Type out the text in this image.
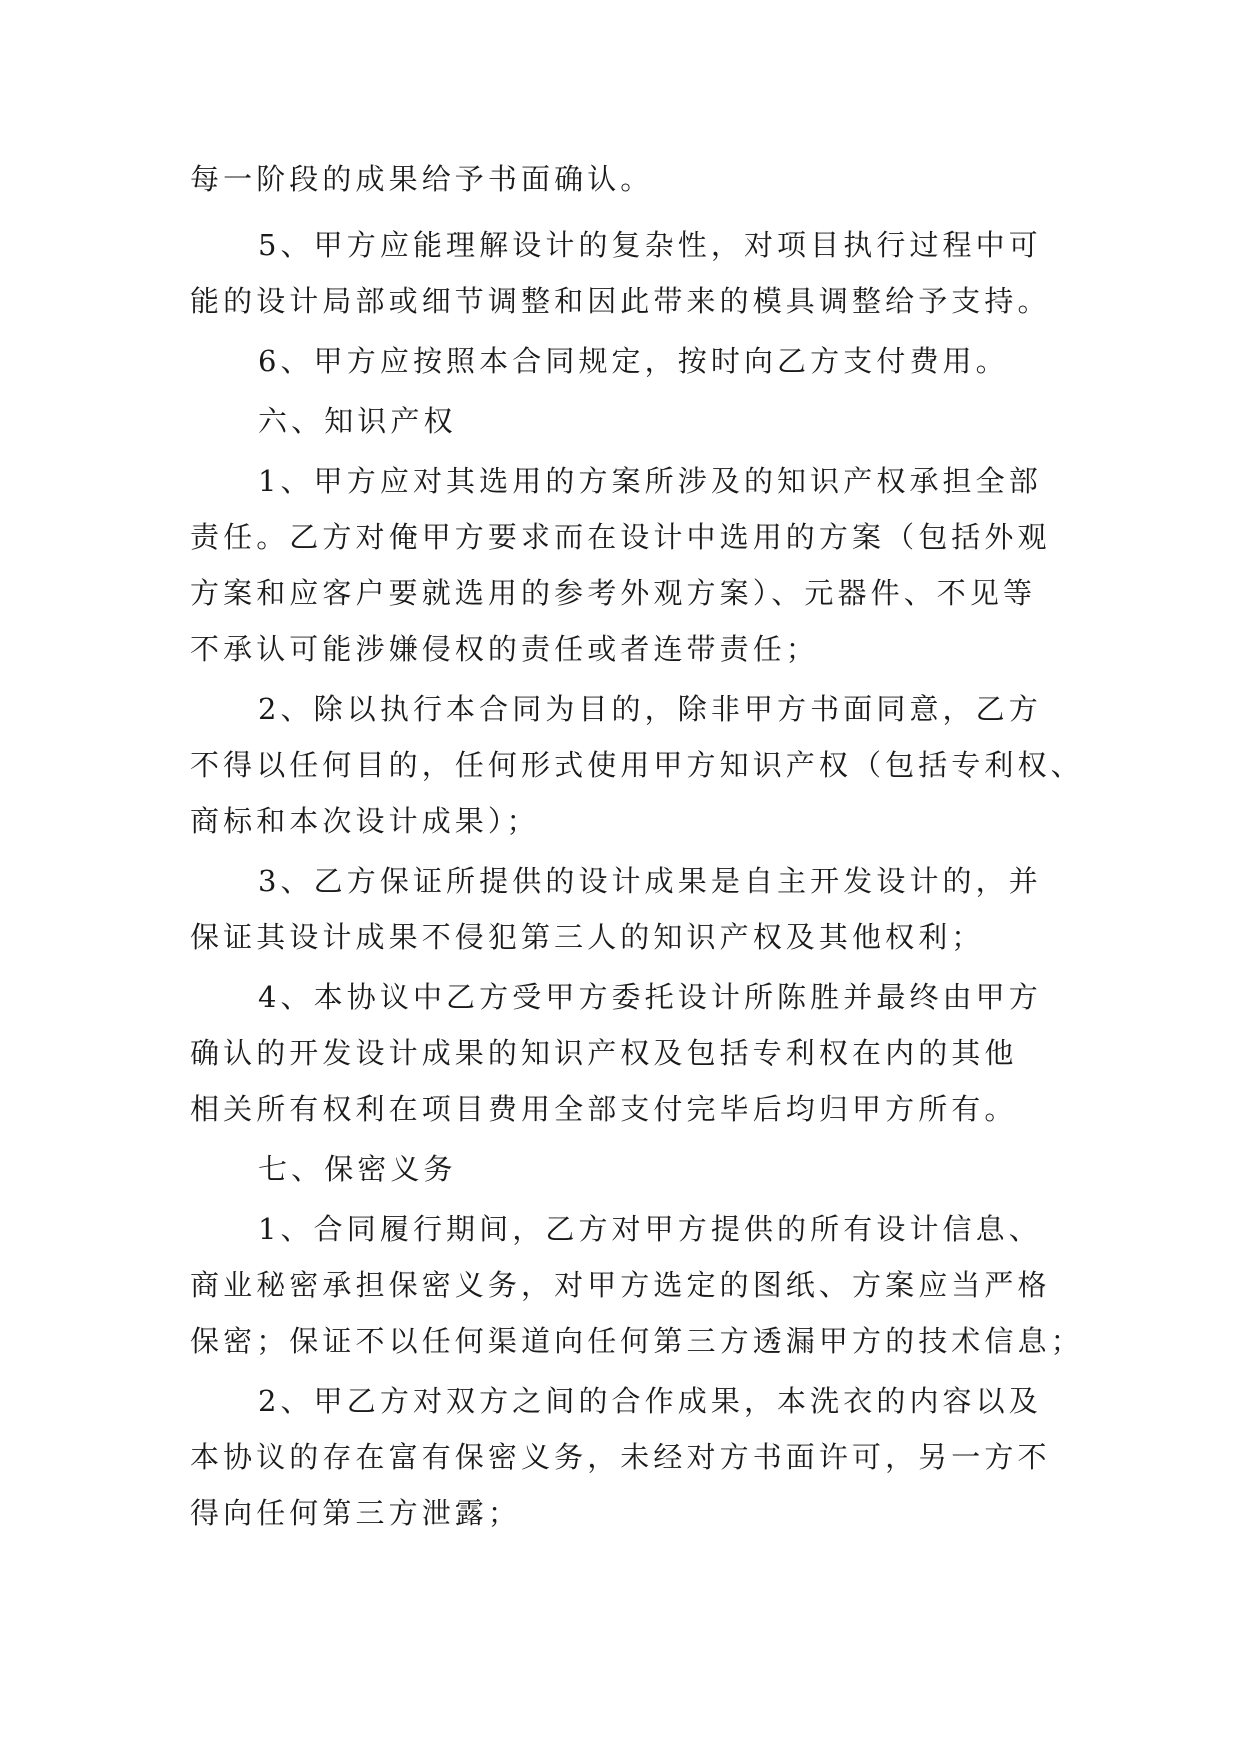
每一阶段的成果给予书面确认。
5、甲方应能理解设计的复杂性，对项目执行过程中可
能的设计局部或细节调整和因此带来的模具调整给予支持。
6、甲方应按照本合同规定，按时向乙方支付费用。
六、知识产权
1、甲方应对其选用的方案所涉及的知识产权承担全部
责任。乙方对俺甲方要求而在设计中选用的方案（包括外观
方案和应客户要就选用的参考外观方案）、元器件、不见等
不承认可能涉嫌侵权的责任或者连带责任；
2、除以执行本合同为目的，除非甲方书面同意，乙方
不得以任何目的，任何形式使用甲方知识产权（包括专利权、
商标和本次设计成果）；
3、乙方保证所提供的设计成果是自主开发设计的，并
保证其设计成果不侵犯第三人的知识产权及其他权利；
4、本协议中乙方受甲方委托设计所陈胜并最终由甲方
确认的开发设计成果的知识产权及包括专利权在内的其他
相关所有权利在项目费用全部支付完毕后均归甲方所有。
七、保密义务
1、合同履行期间，乙方对甲方提供的所有设计信息、
商业秘密承担保密义务，对甲方选定的图纸、方案应当严格
保密；保证不以任何渠道向任何第三方透漏甲方的技术信息；
2、甲乙方对双方之间的合作成果，本洗衣的内容以及
本协议的存在富有保密义务，未经对方书面许可，另一方不
得向任何第三方泄露；
